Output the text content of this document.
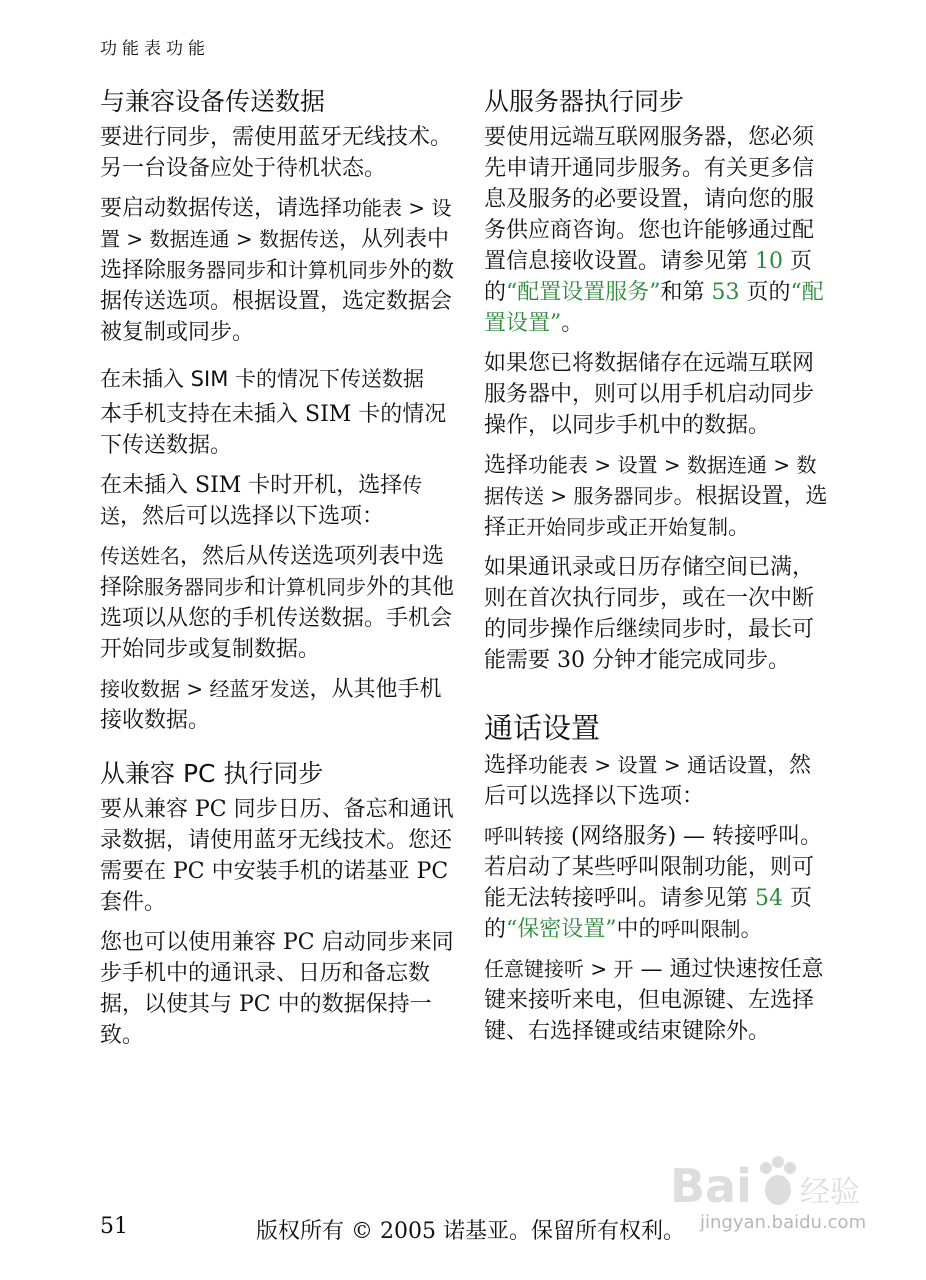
功能表功能
与兼容设备传送数据

要进行同步，需使用蓝牙无线技术。另一台设备应处于待机状态。

要启动数据传送，请选择功能表 > 设置 > 数据连通 > 数据传送，从列表中选择除服务器同步和计算机同步外的数据传送选项。根据设置，选定数据会被复制或同步。

在未插入 SIM 卡的情况下传送数据

本手机支持在未插入 SIM 卡的情况下传送数据。

在未插入 SIM 卡时开机，选择传送，然后可以选择以下选项：

传送姓名，然后从传送选项列表中选择除服务器同步和计算机同步外的其他选项以从您的手机传送数据。手机会开始同步或复制数据。

接收数据 > 经蓝牙发送，从其他手机接收数据。

从兼容 PC 执行同步

要从兼容 PC 同步日历、备忘和通讯录数据，请使用蓝牙无线技术。您还需要在 PC 中安装手机的诺基亚 PC 套件。

您也可以使用兼容 PC 启动同步来同步手机中的通讯录、日历和备忘数据，以使其与 PC 中的数据保持一致。

从服务器执行同步

要使用远端互联网服务器，您必须先申请开通同步服务。有关更多信息及服务的必要设置，请向您的服务供应商咨询。您也许能够通过配置信息接收设置。请参见第 10 页的“配置设置服务”和第 53 页的“配置设置”。

如果您已将数据储存在远端互联网服务器中，则可以用手机启动同步操作，以同步手机中的数据。

选择功能表 > 设置 > 数据连通 > 数据传送 > 服务器同步。根据设置，选择正开始同步或正开始复制。

如果通讯录或日历存储空间已满，则在首次执行同步，或在一次中断的同步操作后继续同步时，最长可能需要 30 分钟才能完成同步。

通话设置

选择功能表 > 设置 > 通话设置，然后可以选择以下选项：

呼叫转接 (网络服务) — 转接呼叫。若启动了某些呼叫限制功能，则可能无法转接呼叫。请参见第 54 页的“保密设置”中的呼叫限制。

任意键接听 > 开 — 通过快速按任意键来接听来电，但电源键、左选择键、右选择键或结束键除外。

Bai 经验
jingyan.baidu.com
51	版权所有 © 2005 诺基亚。保留所有权利。
